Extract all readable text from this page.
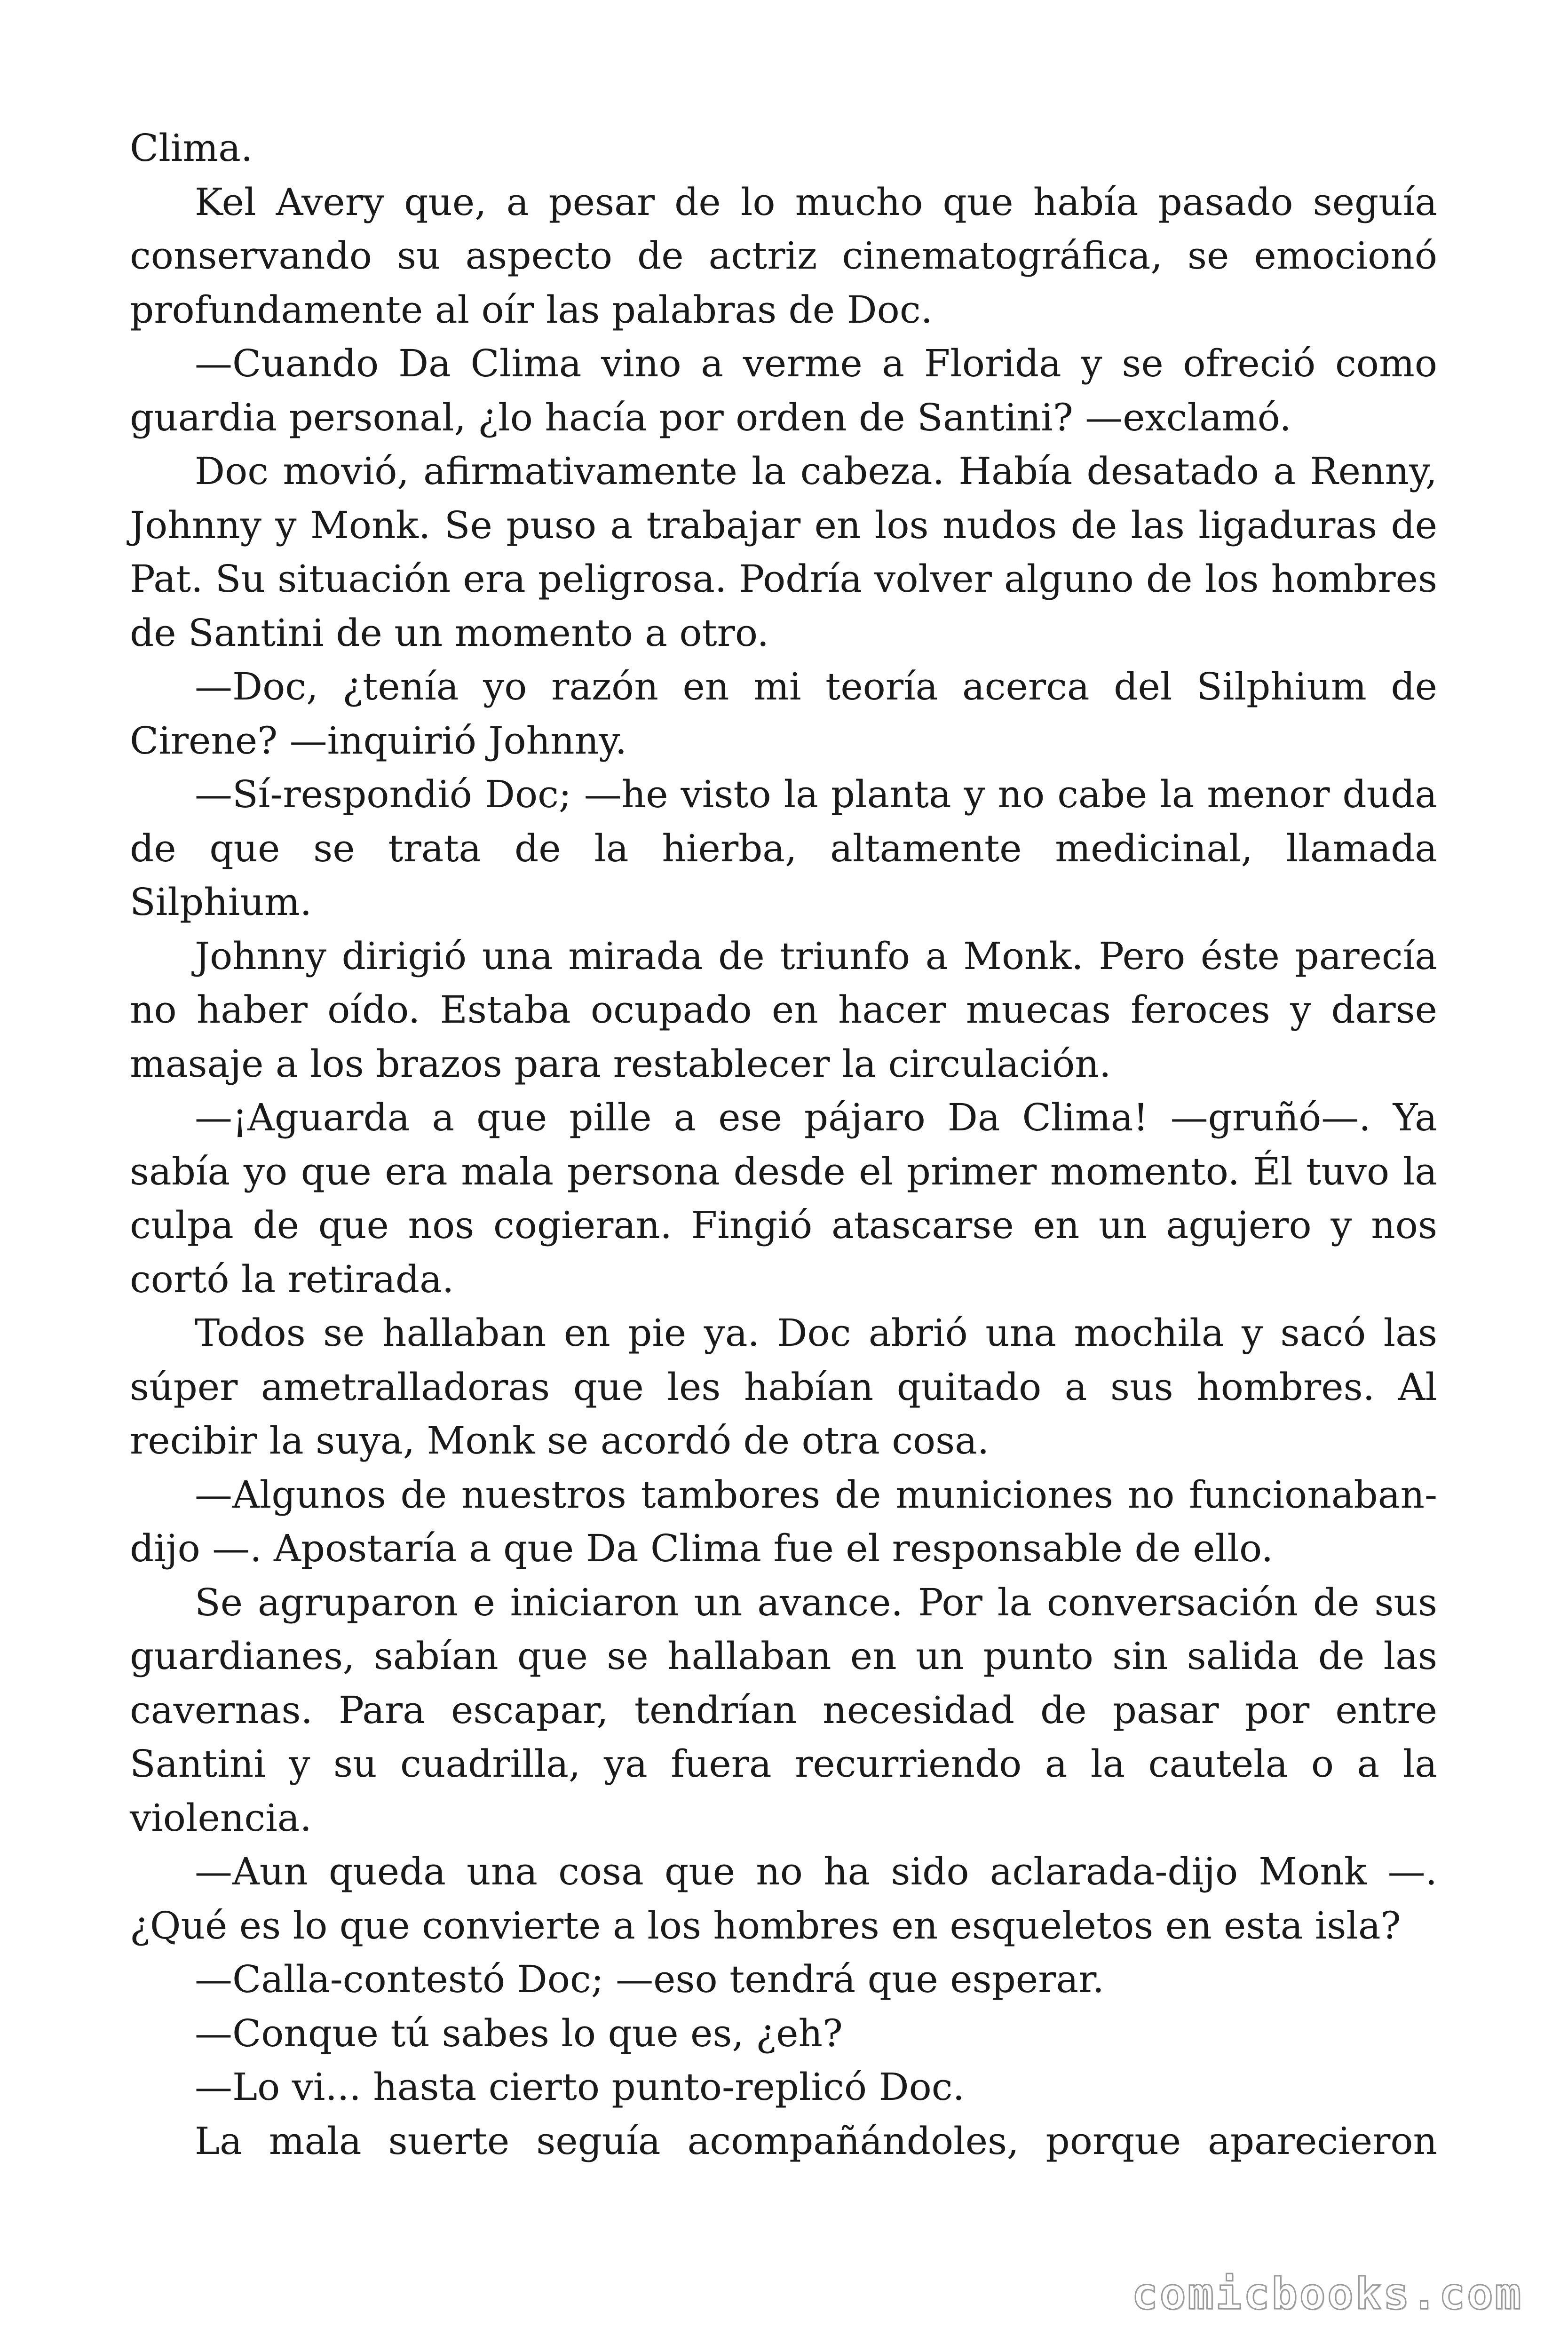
Clima.

Kel Avery que, a pesar de lo mucho que había pasado seguía conservando su aspecto de actriz cinematográfica, se emocionó profundamente al oír las palabras de Doc.

—Cuando Da Clima vino a verme a Florida y se ofreció como guardia personal, ¿lo hacía por orden de Santini? —exclamó.

Doc movió, afirmativamente la cabeza. Había desatado a Renny, Johnny y Monk. Se puso a trabajar en los nudos de las ligaduras de Pat. Su situación era peligrosa. Podría volver alguno de los hombres de Santini de un momento a otro.

—Doc, ¿tenía yo razón en mi teoría acerca del Silphium de Cirene? —inquirió Johnny.

—Sí-respondió Doc; —he visto la planta y no cabe la menor duda de que se trata de la hierba, altamente medicinal, llamada Silphium.

Johnny dirigió una mirada de triunfo a Monk. Pero éste parecía no haber oído. Estaba ocupado en hacer muecas feroces y darse masaje a los brazos para restablecer la circulación.

—¡Aguarda a que pille a ese pájaro Da Clima! —gruñó—. Ya sabía yo que era mala persona desde el primer momento. Él tuvo la culpa de que nos cogieran. Fingió atascarse en un agujero y nos cortó la retirada.

Todos se hallaban en pie ya. Doc abrió una mochila y sacó las súper ametralladoras que les habían quitado a sus hombres. Al recibir la suya, Monk se acordó de otra cosa.

—Algunos de nuestros tambores de municiones no funcionaban-dijo —. Apostaría a que Da Clima fue el responsable de ello.

Se agruparon e iniciaron un avance. Por la conversación de sus guardianes, sabían que se hallaban en un punto sin salida de las cavernas. Para escapar, tendrían necesidad de pasar por entre Santini y su cuadrilla, ya fuera recurriendo a la cautela o a la violencia.

—Aun queda una cosa que no ha sido aclarada-dijo Monk —. ¿Qué es lo que convierte a los hombres en esqueletos en esta isla?

—Calla-contestó Doc; —eso tendrá que esperar.

—Conque tú sabes lo que es, ¿eh?

—Lo vi... hasta cierto punto-replicó Doc.

La mala suerte seguía acompañándoles, porque aparecieron

comicbooks.com
